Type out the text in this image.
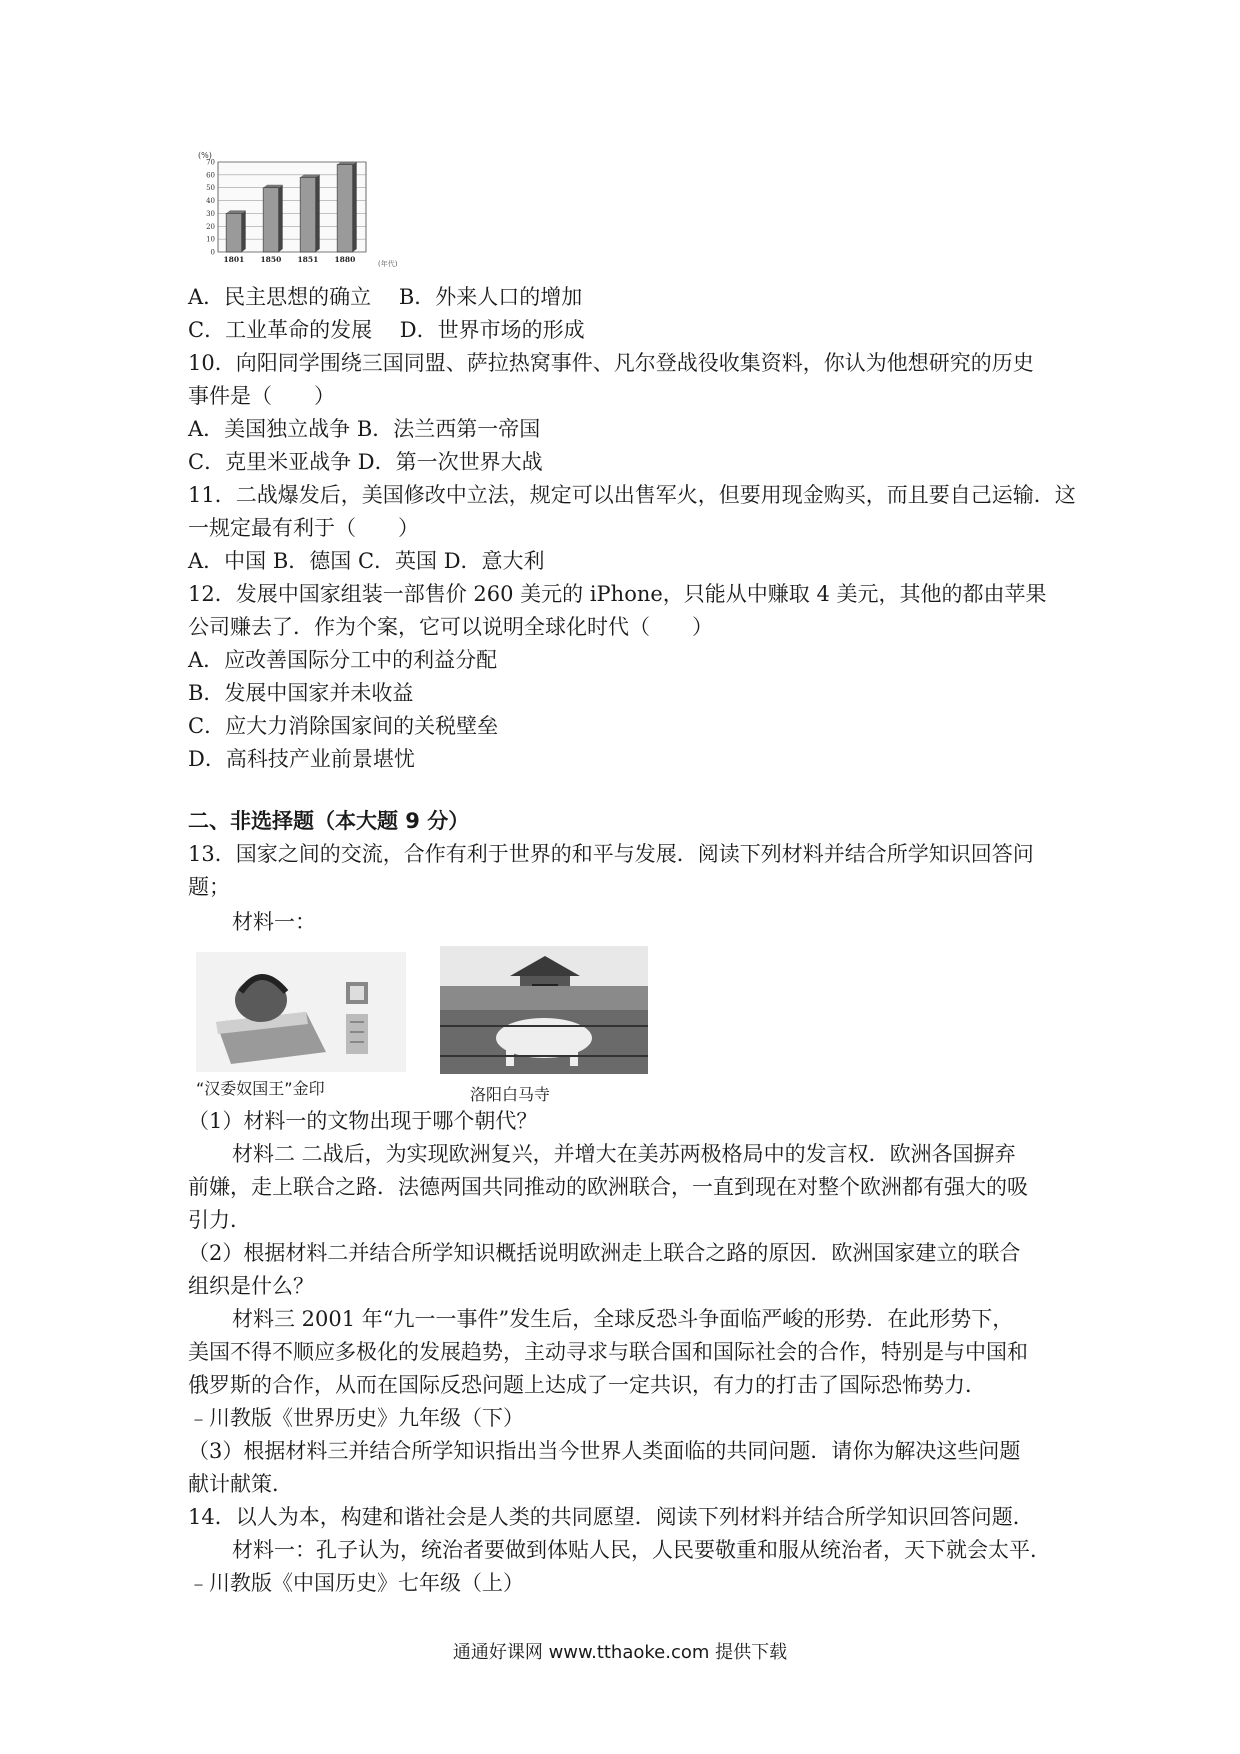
(%)
70
60
50
40
30
20
10
0
1801 1850 1851 1880	(年代)
A．民主思想的确立　 B．外来人口的增加
C．工业革命的发展　 D．世界市场的形成
10．向阳同学围绕三国同盟、萨拉热窝事件、凡尔登战役收集资料，你认为他想研究的历史
事件是（　　）
A．美国独立战争 B．法兰西第一帝国
C．克里米亚战争 D．第一次世界大战
11．二战爆发后，美国修改中立法，规定可以出售军火，但要用现金购买，而且要自己运输．这
一规定最有利于（　　）
A．中国 B．德国 C．英国 D．意大利
12．发展中国家组装一部售价 260 美元的 iPhone，只能从中赚取 4 美元，其他的都由苹果
公司赚去了．作为个案，它可以说明全球化时代（　　）
A．应改善国际分工中的利益分配
B．发展中国家并未收益
C．应大力消除国家间的关税壁垒
D．高科技产业前景堪忧
二、非选择题（本大题 9 分）
13．国家之间的交流，合作有利于世界的和平与发展．阅读下列材料并结合所学知识回答问
题；
材料一：
“汉委奴国王”金印	洛阳白马寺
（1）材料一的文物出现于哪个朝代？
材料二 二战后，为实现欧洲复兴，并增大在美苏两极格局中的发言权．欧洲各国摒弃
前嫌，走上联合之路．法德两国共同推动的欧洲联合，一直到现在对整个欧洲都有强大的吸
引力．
（2）根据材料二并结合所学知识概括说明欧洲走上联合之路的原因．欧洲国家建立的联合
组织是什么？
材料三 2001 年“九一一事件”发生后，全球反恐斗争面临严峻的形势．在此形势下，
美国不得不顺应多极化的发展趋势，主动寻求与联合国和国际社会的合作，特别是与中国和
俄罗斯的合作，从而在国际反恐问题上达成了一定共识，有力的打击了国际恐怖势力．
﹣川教版《世界历史》九年级（下）
（3）根据材料三并结合所学知识指出当今世界人类面临的共同问题．请你为解决这些问题
献计献策．
14．以人为本，构建和谐社会是人类的共同愿望．阅读下列材料并结合所学知识回答问题．
材料一：孔子认为，统治者要做到体贴人民，人民要敬重和服从统治者，天下就会太平．
﹣川教版《中国历史》七年级（上）
通通好课网 www.tthaoke.com 提供下载
